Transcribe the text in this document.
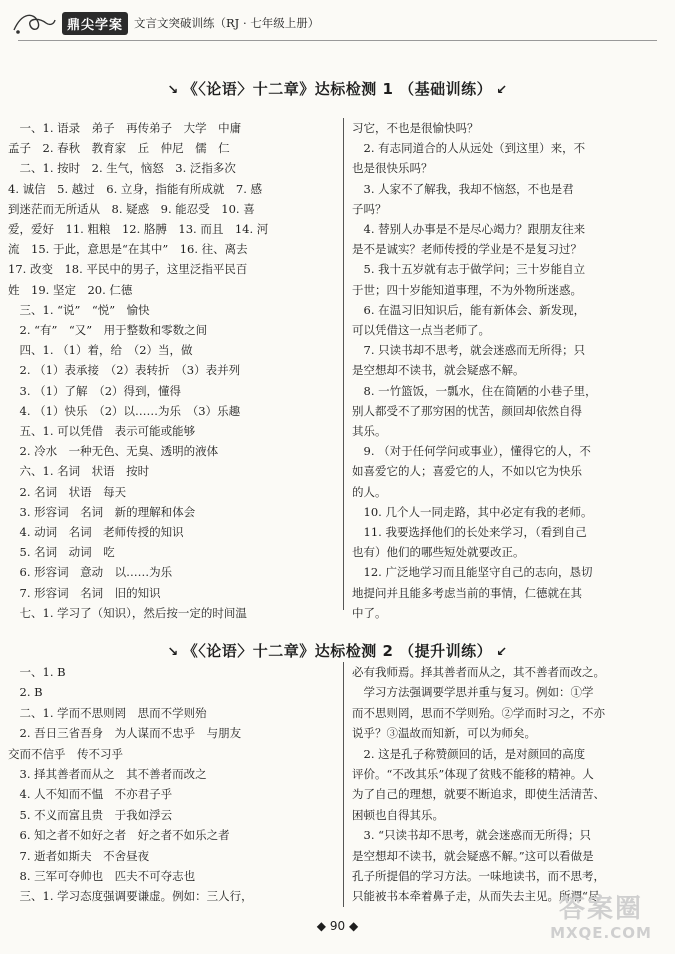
鼎尖学案 文言文突破训练（RJ · 七年级上册）
↘ 《〈论语〉十二章》达标检测 1 （基础训练） ↙
　一、1. 语录　弟子　再传弟子　大学　中庸
孟子　2. 春秋　教育家　丘　仲尼　儒　仁
　二、1. 按时　2. 生气，恼怒　3. 泛指多次
4. 诚信　5. 越过　6. 立身，指能有所成就　7. 感
到迷茫而无所适从　8. 疑惑　9. 能忍受　10. 喜
爱，爱好　11. 粗粮　12. 胳膊　13. 而且　14. 河
流　15. 于此，意思是“在其中”　16. 往、离去
17. 改变　18. 平民中的男子，这里泛指平民百
姓　19. 坚定　20. 仁德
　三、1. “说”　“悦”　愉快
　2. “有”　“又”　用于整数和零数之间
　四、1. （1）着，给　（2）当，做
　2. （1）表承接　（2）表转折　（3）表并列
　3. （1）了解　（2）得到，懂得
　4. （1）快乐　（2）以……为乐　（3）乐趣
　五、1. 可以凭借　表示可能或能够
　2. 冷水　一种无色、无臭、透明的液体
　六、1. 名词　状语　按时
　2. 名词　状语　每天
　3. 形容词　名词　新的理解和体会
　4. 动词　名词　老师传授的知识
　5. 名词　动词　吃
　6. 形容词　意动　以……为乐
　7. 形容词　名词　旧的知识
　七、1. 学习了（知识），然后按一定的时间温
习它，不也是很愉快吗？
　2. 有志同道合的人从远处（到这里）来，不
也是很快乐吗？
　3. 人家不了解我，我却不恼怒，不也是君
子吗？
　4. 替别人办事是不是尽心竭力？跟朋友往来
是不是诚实？老师传授的学业是不是复习过？
　5. 我十五岁就有志于做学问；三十岁能自立
于世；四十岁能知道事理，不为外物所迷惑。
　6. 在温习旧知识后，能有新体会、新发现，
可以凭借这一点当老师了。
　7. 只读书却不思考，就会迷惑而无所得；只
是空想却不读书，就会疑惑不解。
　8. 一竹篮饭，一瓢水，住在简陋的小巷子里，
别人都受不了那穷困的忧苦，颜回却依然自得
其乐。
　9. （对于任何学问或事业），懂得它的人，不
如喜爱它的人；喜爱它的人，不如以它为快乐
的人。
　10. 几个人一同走路，其中必定有我的老师。
　11. 我要选择他们的长处来学习，（看到自己
也有）他们的哪些短处就要改正。
　12. 广泛地学习而且能坚守自己的志向，恳切
地提问并且能多考虑当前的事情，仁德就在其
中了。
↘ 《〈论语〉十二章》达标检测 2 （提升训练） ↙
　一、1. B
　2. B
　二、1. 学而不思则罔　思而不学则殆
　2. 吾日三省吾身　为人谋而不忠乎　与朋友
交而不信乎　传不习乎
　3. 择其善者而从之　其不善者而改之
　4. 人不知而不愠　不亦君子乎
　5. 不义而富且贵　于我如浮云
　6. 知之者不如好之者　好之者不如乐之者
　7. 逝者如斯夫　不舍昼夜
　8. 三军可夺帅也　匹夫不可夺志也
　三、1. 学习态度强调要谦虚。例如：三人行，
必有我师焉。择其善者而从之，其不善者而改之。
　学习方法强调要学思并重与复习。例如：①学
而不思则罔，思而不学则殆。②学而时习之，不亦
说乎？③温故而知新，可以为师矣。
　2. 这是孔子称赞颜回的话，是对颜回的高度
评价。“不改其乐”体现了贫贱不能移的精神。人
为了自己的理想，就要不断追求，即使生活清苦、
困顿也自得其乐。
　3. “只读书却不思考，就会迷惑而无所得；只
是空想却不读书，就会疑惑不解。”这可以看做是
孔子所提倡的学习方法。一味地读书，而不思考，
只能被书本牵着鼻子走，从而失去主见。所谓“尽
◆ 90 ◆
答案圈
MXQE.COM
